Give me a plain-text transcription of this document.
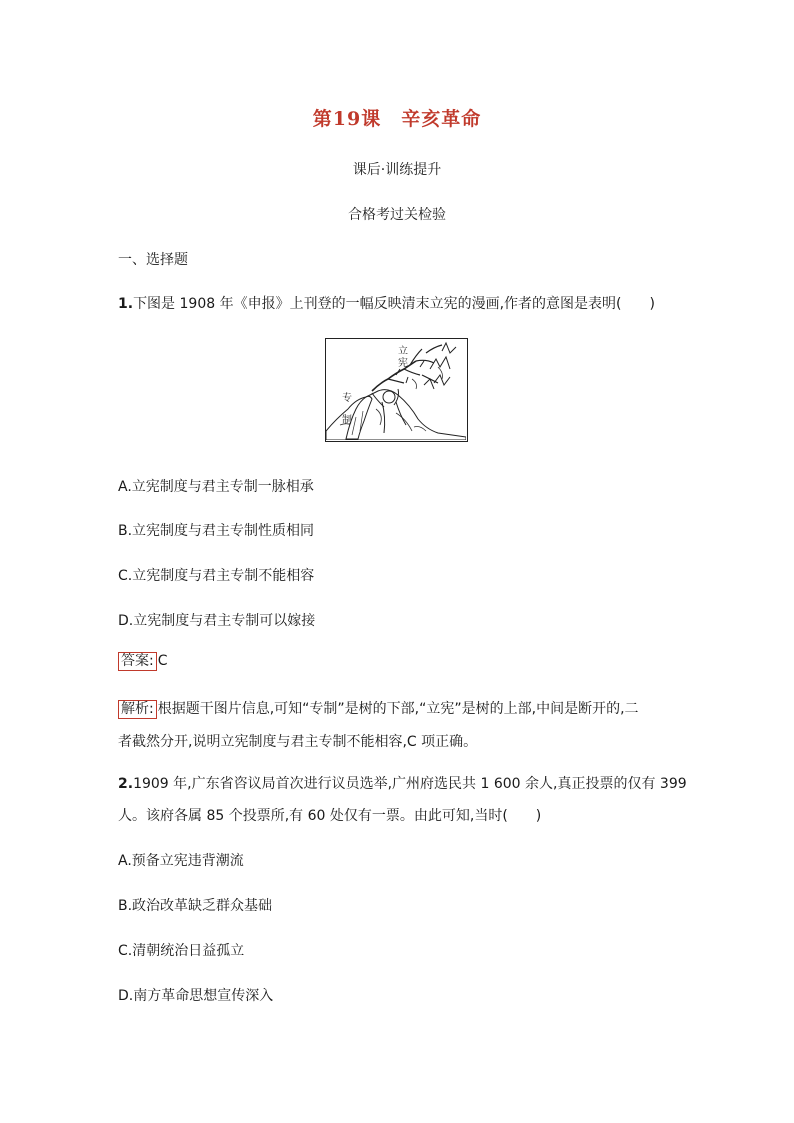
第19课　辛亥革命
课后·训练提升
合格考过关检验
一、选择题
1.下图是 1908 年《申报》上刊登的一幅反映清末立宪的漫画,作者的意图是表明(　　)
立
宪
专
制
A.立宪制度与君主专制一脉相承
B.立宪制度与君主专制性质相同
C.立宪制度与君主专制不能相容
D.立宪制度与君主专制可以嫁接
答案: C
解析: 根据题干图片信息,可知“专制”是树的下部,“立宪”是树的上部,中间是断开的,二
者截然分开,说明立宪制度与君主专制不能相容,C 项正确。
2.1909 年,广东省咨议局首次进行议员选举,广州府选民共 1 600 余人,真正投票的仅有 399
人。该府各属 85 个投票所,有 60 处仅有一票。由此可知,当时(　　)
A.预备立宪违背潮流
B.政治改革缺乏群众基础
C.清朝统治日益孤立
D.南方革命思想宣传深入
